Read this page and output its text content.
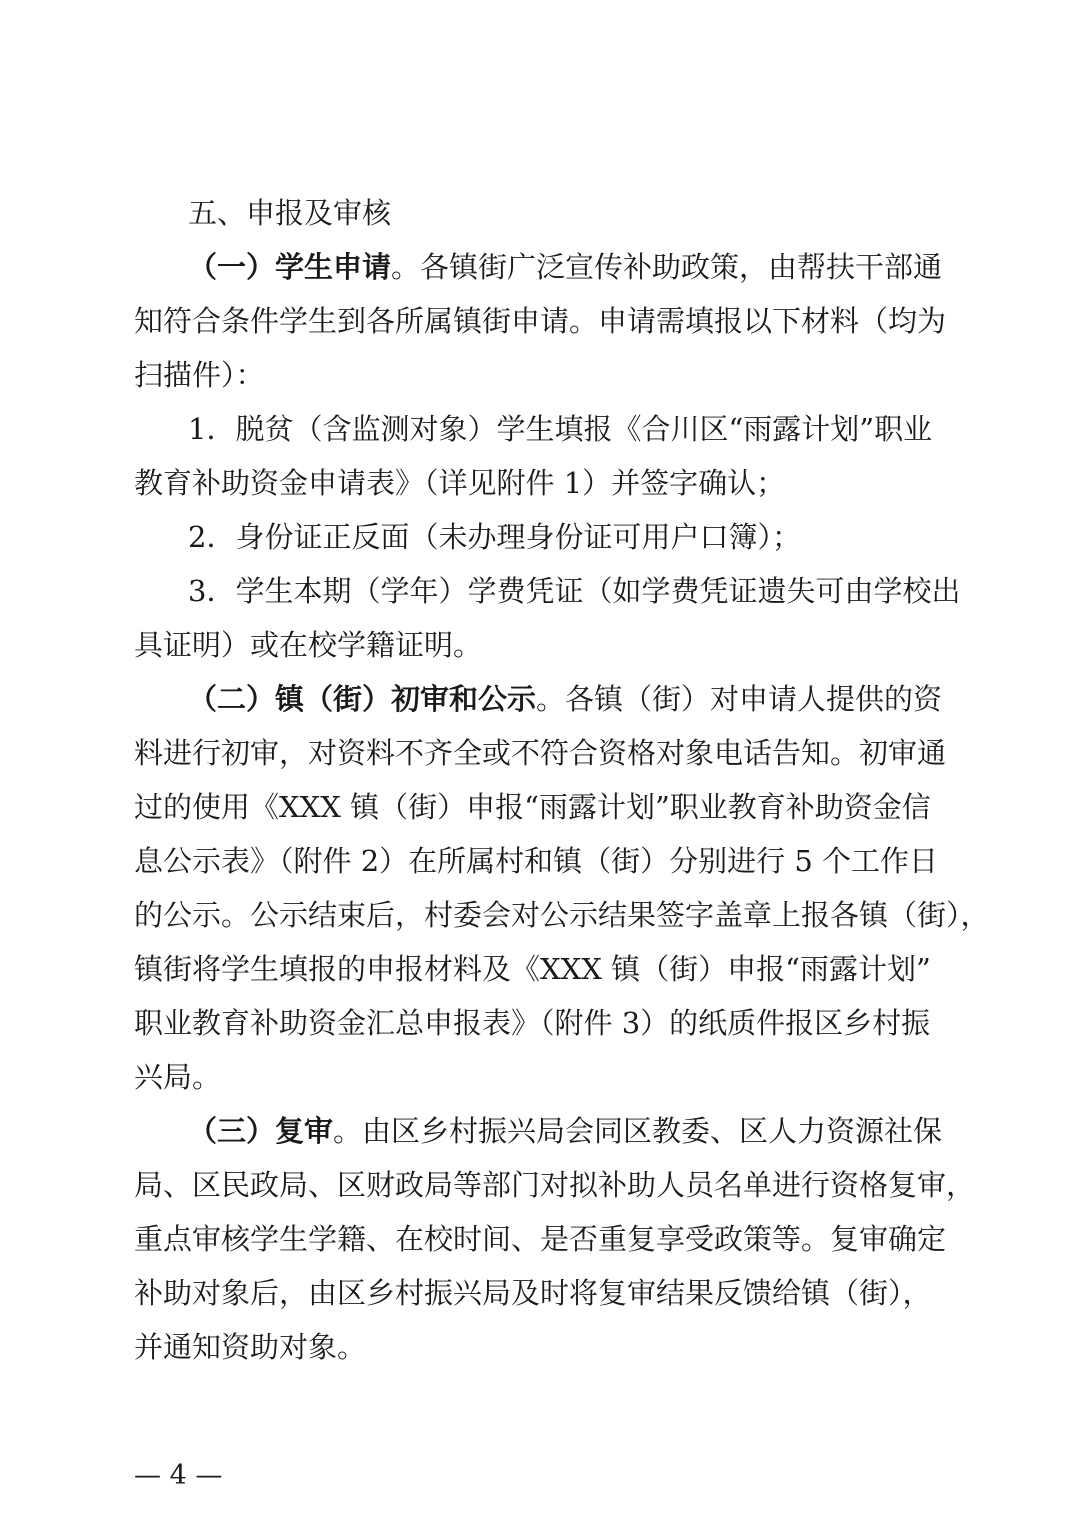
五、申报及审核
（一）学生申请。各镇街广泛宣传补助政策，由帮扶干部通
知符合条件学生到各所属镇街申请。申请需填报以下材料（均为
扫描件）：
1．脱贫（含监测对象）学生填报《合川区“雨露计划”职业
教育补助资金申请表》（详见附件 1）并签字确认；
2．身份证正反面（未办理身份证可用户口簿）；
3．学生本期（学年）学费凭证（如学费凭证遗失可由学校出
具证明）或在校学籍证明。
（二）镇（街）初审和公示。各镇（街）对申请人提供的资
料进行初审，对资料不齐全或不符合资格对象电话告知。初审通
过的使用《XXX 镇（街）申报“雨露计划”职业教育补助资金信
息公示表》（附件 2）在所属村和镇（街）分别进行 5 个工作日
的公示。公示结束后，村委会对公示结果签字盖章上报各镇（街），
镇街将学生填报的申报材料及《XXX 镇（街）申报“雨露计划”
职业教育补助资金汇总申报表》（附件 3）的纸质件报区乡村振
兴局。
（三）复审。由区乡村振兴局会同区教委、区人力资源社保
局、区民政局、区财政局等部门对拟补助人员名单进行资格复审，
重点审核学生学籍、在校时间、是否重复享受政策等。复审确定
补助对象后，由区乡村振兴局及时将复审结果反馈给镇（街），
并通知资助对象。
— 4 —
